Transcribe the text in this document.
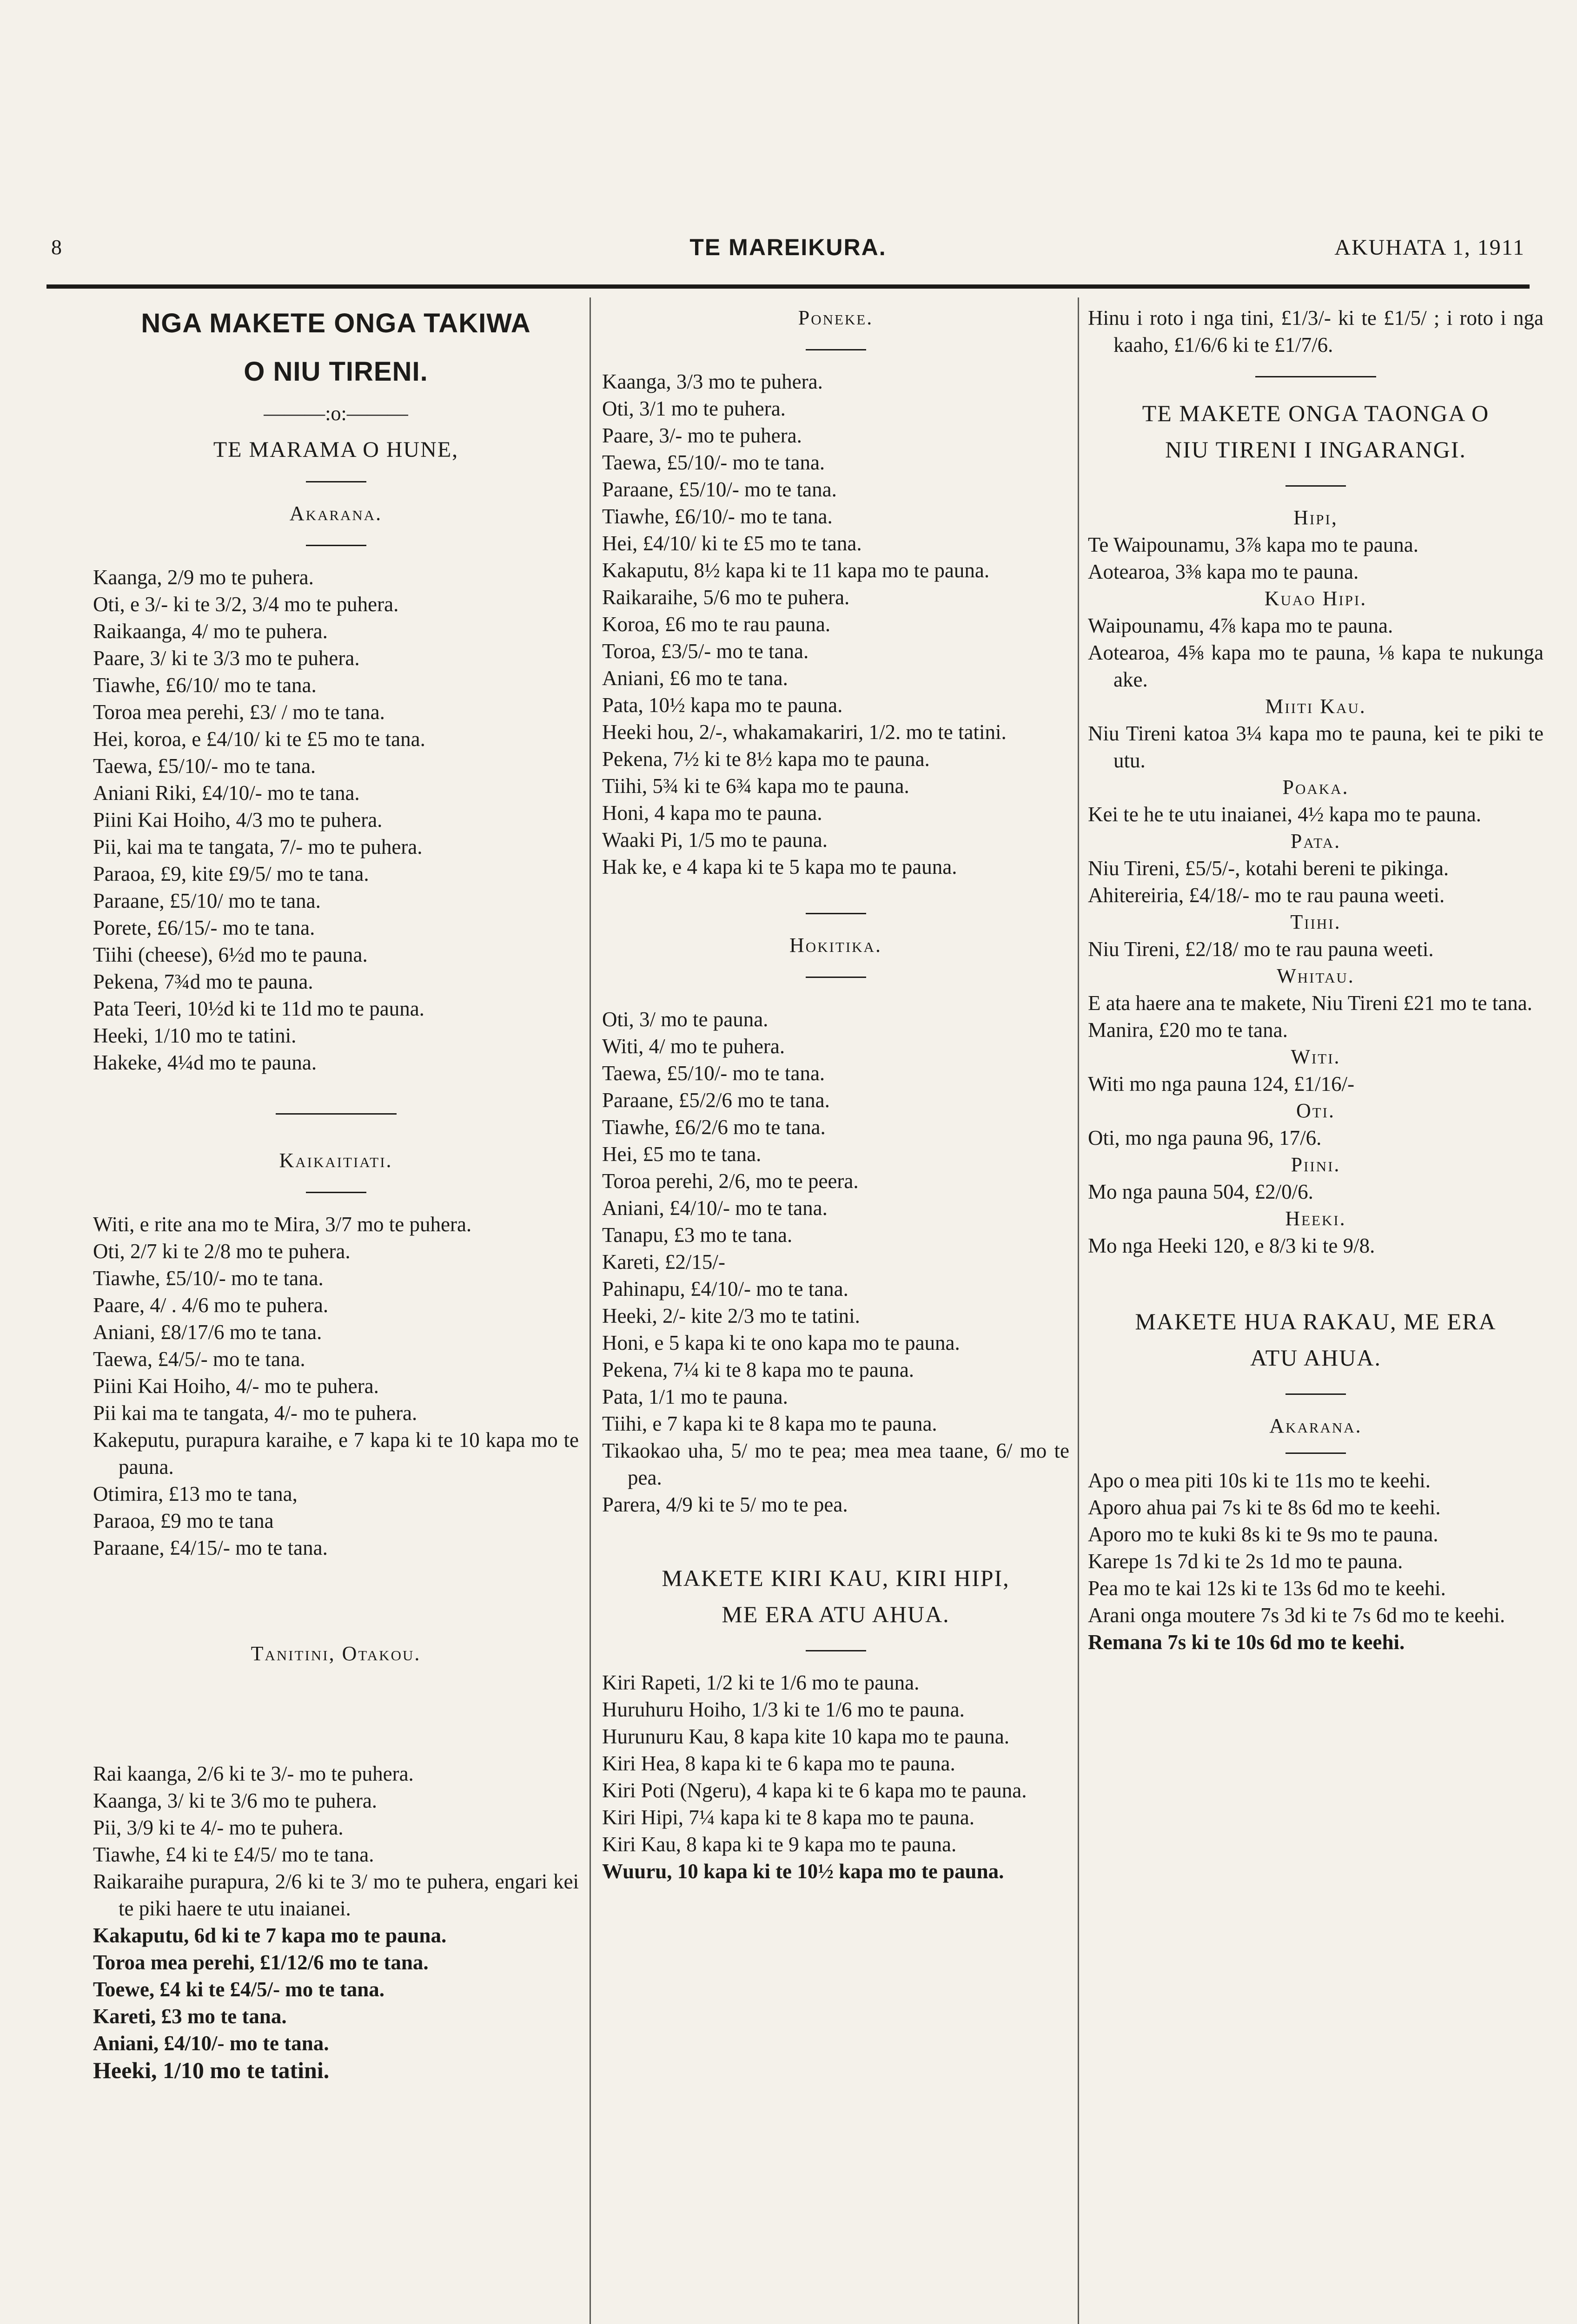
8	TE MAREIKURA.	AKUHATA 1, 1911

NGA MAKETE ONGA TAKIWA

O NIU TIRENI.

———:o:———

TE MARAMA O HUNE,

Akarana.

Kaanga, 2/9 mo te puhera.

Oti, e 3/- ki te 3/2, 3/4 mo te puhera.

Raikaanga, 4/ mo te puhera.

Paare, 3/ ki te 3/3 mo te puhera.

Tiawhe, £6/10/ mo te tana.

Toroa mea perehi, £3/ / mo te tana.

Hei, koroa, e £4/10/ ki te £5 mo te tana.

Taewa, £5/10/- mo te tana.

Aniani Riki, £4/10/- mo te tana.

Piini Kai Hoiho, 4/3 mo te puhera.

Pii, kai ma te tangata, 7/- mo te puhera.

Paraoa, £9, kite £9/5/ mo te tana.

Paraane, £5/10/ mo te tana.

Porete, £6/15/- mo te tana.

Tiihi (cheese), 6½d mo te pauna.

Pekena, 7¾d mo te pauna.

Pata Teeri, 10½d ki te 11d mo te pauna.

Heeki, 1/10 mo te tatini.

Hakeke, 4¼d mo te pauna.

Kaikaitiati.

Witi, e rite ana mo te Mira, 3/7 mo te puhera.

Oti, 2/7 ki te 2/8 mo te puhera.

Tiawhe, £5/10/- mo te tana.

Paare, 4/ . 4/6 mo te puhera.

Aniani, £8/17/6 mo te tana.

Taewa, £4/5/- mo te tana.

Piini Kai Hoiho, 4/- mo te puhera.

Pii kai ma te tangata, 4/- mo te puhera.

Kakeputu, purapura karaihe, e 7 kapa ki te 10 kapa mo te pauna.

Otimira, £13 mo te tana,

Paraoa, £9 mo te tana

Paraane, £4/15/- mo te tana.

Tanitini, Otakou.

Rai kaanga, 2/6 ki te 3/- mo te puhera.

Kaanga, 3/ ki te 3/6 mo te puhera.

Pii, 3/9 ki te 4/- mo te puhera.

Tiawhe, £4 ki te £4/5/ mo te tana.

Raikaraihe purapura, 2/6 ki te 3/ mo te puhera, engari kei te piki haere te utu inaianei.

Kakaputu, 6d ki te 7 kapa mo te pauna.

Toroa mea perehi, £1/12/6 mo te tana.

Toewe, £4 ki te £4/5/- mo te tana.

Kareti, £3 mo te tana.

Aniani, £4/10/- mo te tana.

Heeki, 1/10 mo te tatini.

Poneke.

Kaanga, 3/3 mo te puhera.

Oti, 3/1 mo te puhera.

Paare, 3/- mo te puhera.

Taewa, £5/10/- mo te tana.

Paraane, £5/10/- mo te tana.

Tiawhe, £6/10/- mo te tana.

Hei, £4/10/ ki te £5 mo te tana.

Kakaputu, 8½ kapa ki te 11 kapa mo te pauna.

Raikaraihe, 5/6 mo te puhera.

Koroa, £6 mo te rau pauna.

Toroa, £3/5/- mo te tana.

Aniani, £6 mo te tana.

Pata, 10½ kapa mo te pauna.

Heeki hou, 2/-, whakamakariri, 1/2. mo te tatini.

Pekena, 7½ ki te 8½ kapa mo te pauna.

Tiihi, 5¾ ki te 6¾ kapa mo te pauna.

Honi, 4 kapa mo te pauna.

Waaki Pi, 1/5 mo te pauna.

Hak ke, e 4 kapa ki te 5 kapa mo te pauna.

Hokitika.

Oti, 3/ mo te pauna.

Witi, 4/ mo te puhera.

Taewa, £5/10/- mo te tana.

Paraane, £5/2/6 mo te tana.

Tiawhe, £6/2/6 mo te tana.

Hei, £5 mo te tana.

Toroa perehi, 2/6, mo te peera.

Aniani, £4/10/- mo te tana.

Tanapu, £3 mo te tana.

Kareti, £2/15/-

Pahinapu, £4/10/- mo te tana.

Heeki, 2/- kite 2/3 mo te tatini.

Honi, e 5 kapa ki te ono kapa mo te pauna.

Pekena, 7¼ ki te 8 kapa mo te pauna.

Pata, 1/1 mo te pauna.

Tiihi, e 7 kapa ki te 8 kapa mo te pauna.

Tikaokao uha, 5/ mo te pea; mea mea taane, 6/ mo te pea.

Parera, 4/9 ki te 5/ mo te pea.

MAKETE KIRI KAU, KIRI HIPI,

ME ERA ATU AHUA.

Kiri Rapeti, 1/2 ki te 1/6 mo te pauna.

Huruhuru Hoiho, 1/3 ki te 1/6 mo te pauna.

Hurunuru Kau, 8 kapa kite 10 kapa mo te pauna.

Kiri Hea, 8 kapa ki te 6 kapa mo te pauna.

Kiri Poti (Ngeru), 4 kapa ki te 6 kapa mo te pauna.

Kiri Hipi, 7¼ kapa ki te 8 kapa mo te pauna.

Kiri Kau, 8 kapa ki te 9 kapa mo te pauna.

Wuuru, 10 kapa ki te 10½ kapa mo te pauna.

Hinu i roto i nga tini, £1/3/- ki te £1/5/ ; i roto i nga kaaho, £1/6/6 ki te £1/7/6.

TE MAKETE ONGA TAONGA O

NIU TIRENI I INGARANGI.

Hipi,

Te Waipounamu, 3⅞ kapa mo te pauna.

Aotearoa, 3⅜ kapa mo te pauna.

Kuao Hipi.

Waipounamu, 4⅞ kapa mo te pauna.

Aotearoa, 4⅝ kapa mo te pauna, ⅛ kapa te nukunga ake.

Miiti Kau.

Niu Tireni katoa 3¼ kapa mo te pauna, kei te piki te utu.

Poaka.

Kei te he te utu inaianei, 4½ kapa mo te pauna.

Pata.

Niu Tireni, £5/5/-, kotahi bereni te pikinga.

Ahitereiria, £4/18/- mo te rau pauna weeti.

Tiihi.

Niu Tireni, £2/18/ mo te rau pauna weeti.

Whitau.

E ata haere ana te makete, Niu Tireni £21 mo te tana.

Manira, £20 mo te tana.

Witi.

Witi mo nga pauna 124, £1/16/-

Oti.

Oti, mo nga pauna 96, 17/6.

Piini.

Mo nga pauna 504, £2/0/6.

Heeki.

Mo nga Heeki 120, e 8/3 ki te 9/8.

MAKETE HUA RAKAU, ME ERA

ATU AHUA.

Akarana.

Apo o mea piti 10s ki te 11s mo te keehi.

Aporo ahua pai 7s ki te 8s 6d mo te keehi.

Aporo mo te kuki 8s ki te 9s mo te pauna.

Karepe 1s 7d ki te 2s 1d mo te pauna.

Pea mo te kai 12s ki te 13s 6d mo te keehi.

Arani onga moutere 7s 3d ki te 7s 6d mo te keehi.

Remana 7s ki te 10s 6d mo te keehi.
